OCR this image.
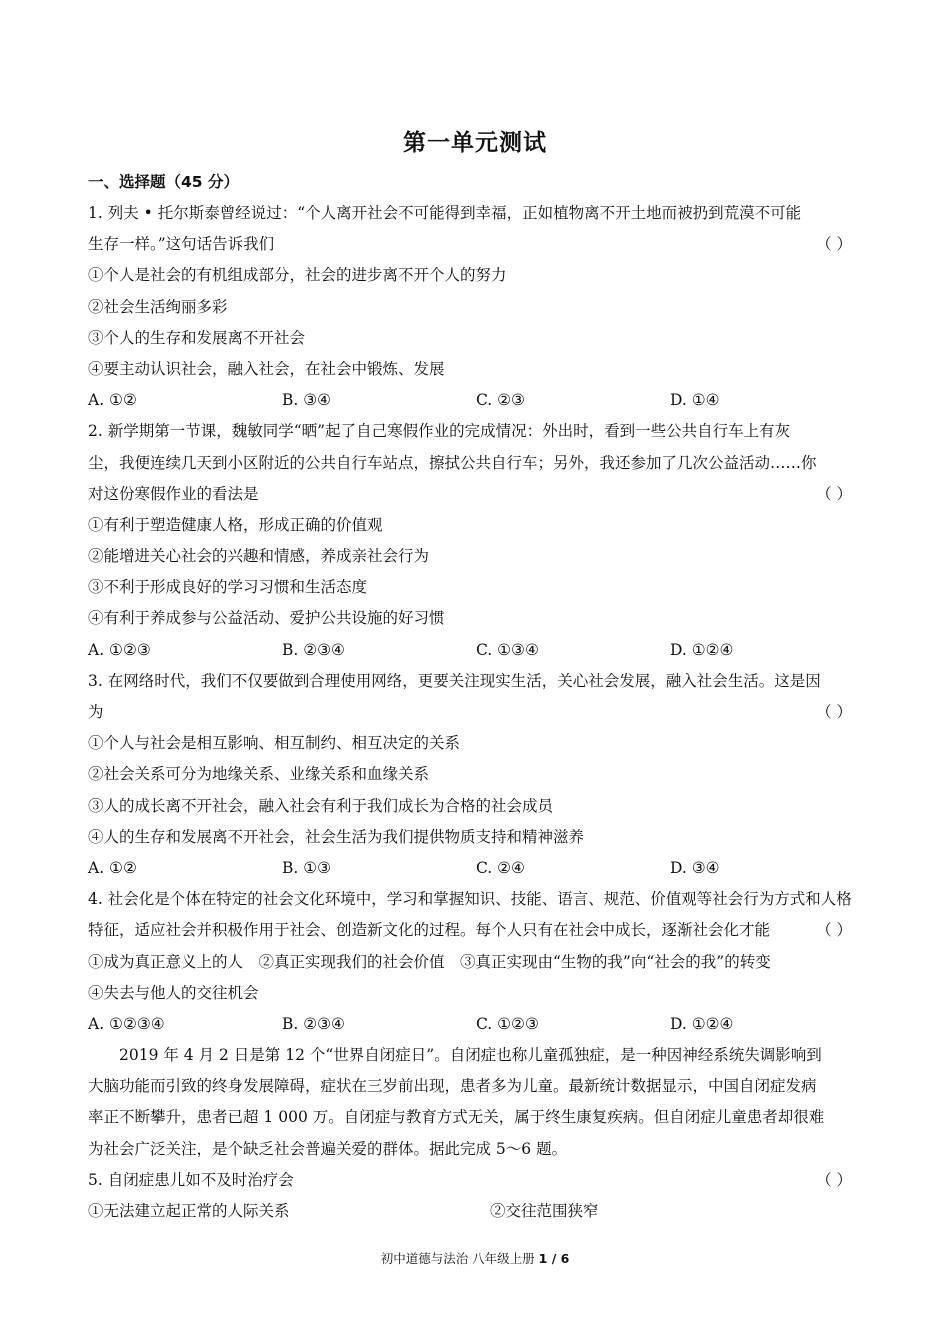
第一单元测试
一、选择题（45 分）
1. 列夫 • 托尔斯泰曾经说过：“个人离开社会不可能得到幸福，正如植物离不开土地而被扔到荒漠不可能
生存一样。”这句话告诉我们	（ ）
①个人是社会的有机组成部分，社会的进步离不开个人的努力
②社会生活绚丽多彩
③个人的生存和发展离不开社会
④要主动认识社会，融入社会，在社会中锻炼、发展
A. ①②	B. ③④	C. ②③	D. ①④
2. 新学期第一节课，魏敏同学“晒”起了自己寒假作业的完成情况：外出时，看到一些公共自行车上有灰
尘，我便连续几天到小区附近的公共自行车站点，擦拭公共自行车；另外，我还参加了几次公益活动……你
对这份寒假作业的看法是	（ ）
①有利于塑造健康人格，形成正确的价值观
②能增进关心社会的兴趣和情感，养成亲社会行为
③不利于形成良好的学习习惯和生活态度
④有利于养成参与公益活动、爱护公共设施的好习惯
A. ①②③	B. ②③④	C. ①③④	D. ①②④
3. 在网络时代，我们不仅要做到合理使用网络，更要关注现实生活，关心社会发展，融入社会生活。这是因
为	（ ）
①个人与社会是相互影响、相互制约、相互决定的关系
②社会关系可分为地缘关系、业缘关系和血缘关系
③人的成长离不开社会，融入社会有利于我们成长为合格的社会成员
④人的生存和发展离不开社会，社会生活为我们提供物质支持和精神滋养
A. ①②	B. ①③	C. ②④	D. ③④
4. 社会化是个体在特定的社会文化环境中，学习和掌握知识、技能、语言、规范、价值观等社会行为方式和人格
特征，适应社会并积极作用于社会、创造新文化的过程。每个人只有在社会中成长，逐渐社会化才能	（ ）
①成为真正意义上的人　②真正实现我们的社会价值　③真正实现由“生物的我”向“社会的我”的转变
④失去与他人的交往机会
A. ①②③④	B. ②③④	C. ①②③	D. ①②④
2019 年 4 月 2 日是第 12 个“世界自闭症日”。自闭症也称儿童孤独症，是一种因神经系统失调影响到
大脑功能而引致的终身发展障碍，症状在三岁前出现，患者多为儿童。最新统计数据显示，中国自闭症发病
率正不断攀升，患者已超 1 000 万。自闭症与教育方式无关，属于终生康复疾病。但自闭症儿童患者却很难
为社会广泛关注，是个缺乏社会普遍关爱的群体。据此完成 5～6 题。
5. 自闭症患儿如不及时治疗会	（ ）
①无法建立起正常的人际关系	②交往范围狭窄
初中道德与法治 八年级上册 1 / 6
